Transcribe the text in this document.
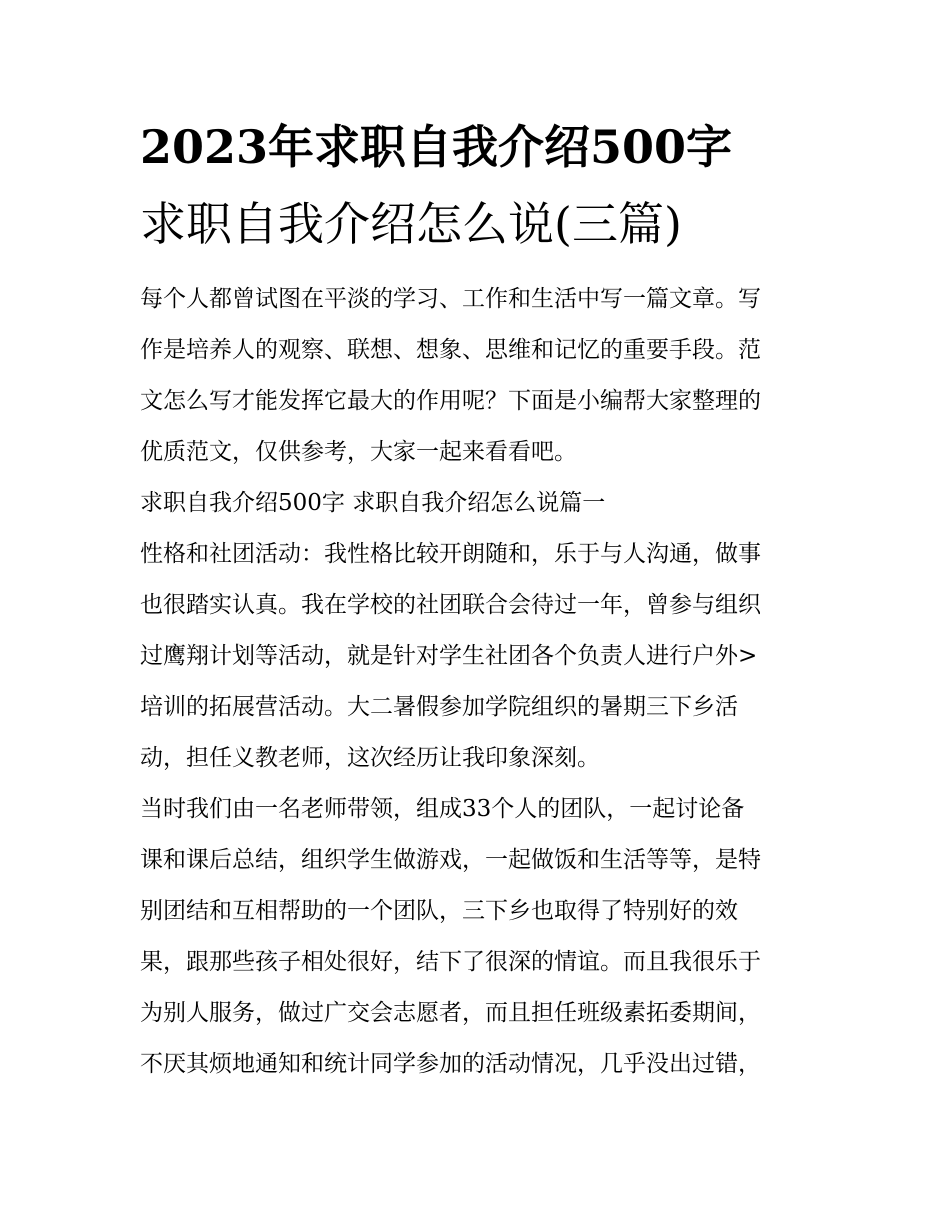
2023年求职自我介绍500字
求职自我介绍怎么说(三篇)
每个人都曾试图在平淡的学习、工作和生活中写一篇文章。写
作是培养人的观察、联想、想象、思维和记忆的重要手段。范
文怎么写才能发挥它最大的作用呢？下面是小编帮大家整理的
优质范文，仅供参考，大家一起来看看吧。
求职自我介绍500字 求职自我介绍怎么说篇一
性格和社团活动：我性格比较开朗随和，乐于与人沟通，做事
也很踏实认真。我在学校的社团联合会待过一年，曾参与组织
过鹰翔计划等活动，就是针对学生社团各个负责人进行户外>
培训的拓展营活动。大二暑假参加学院组织的暑期三下乡活
动，担任义教老师，这次经历让我印象深刻。
当时我们由一名老师带领，组成33个人的团队，一起讨论备
课和课后总结，组织学生做游戏，一起做饭和生活等等，是特
别团结和互相帮助的一个团队，三下乡也取得了特别好的效
果，跟那些孩子相处很好，结下了很深的情谊。而且我很乐于
为别人服务，做过广交会志愿者，而且担任班级素拓委期间，
不厌其烦地通知和统计同学参加的活动情况，几乎没出过错，
